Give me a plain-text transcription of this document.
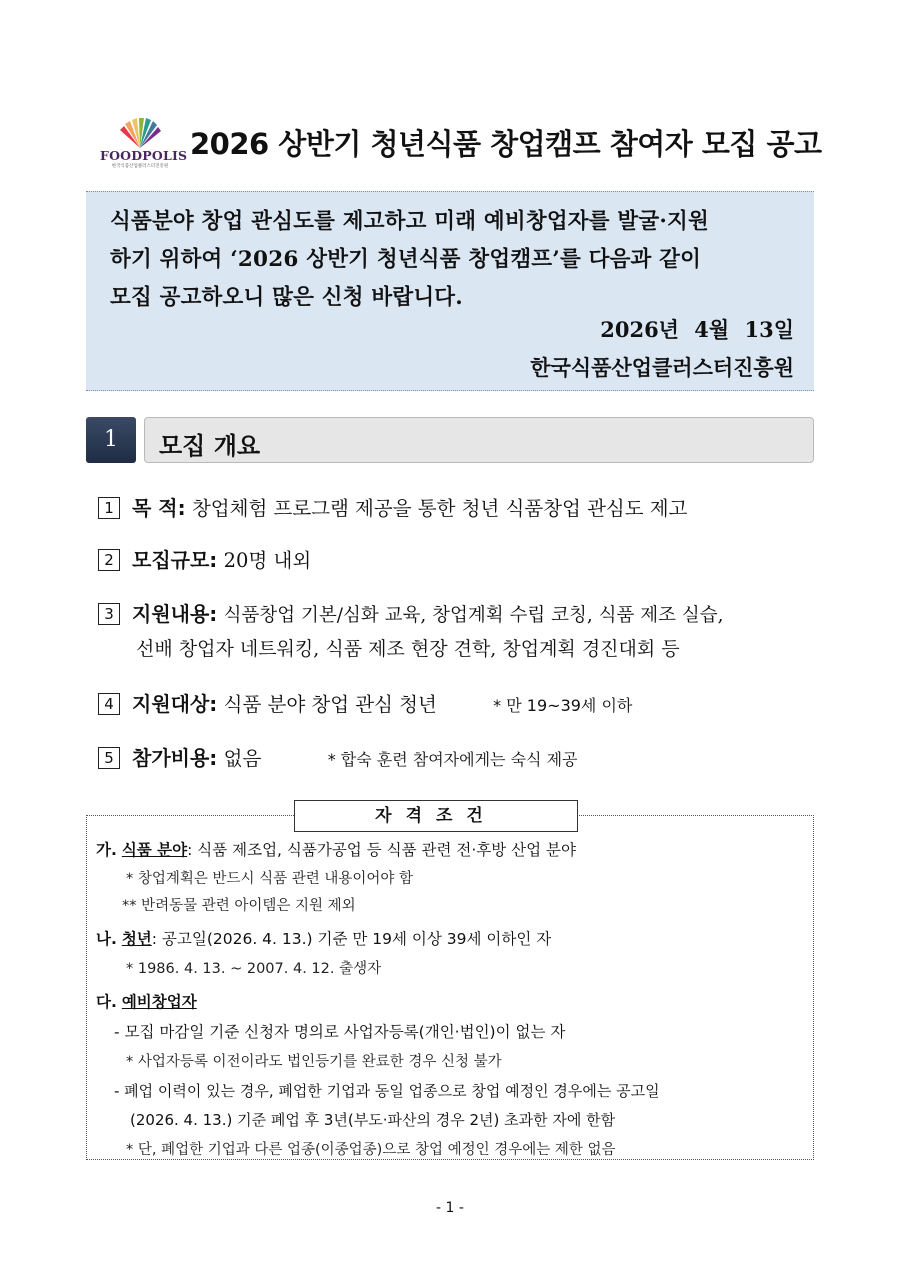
FOODPOLIS
한국식품산업클러스터진흥원
2026 상반기 청년식품 창업캠프 참여자 모집 공고
식품분야 창업 관심도를 제고하고 미래 예비창업자를 발굴·지원
하기 위하여 ‘2026 상반기 청년식품 창업캠프’를 다음과 같이
모집 공고하오니 많은 신청 바랍니다.
2026년 4월 13일
한국식품산업클러스터진흥원
1	모집 개요
1 목 적: 창업체험 프로그램 제공을 통한 청년 식품창업 관심도 제고
2 모집규모: 20명 내외
3 지원내용: 식품창업 기본/심화 교육, 창업계획 수립 코칭, 식품 제조 실습,
선배 창업자 네트워킹, 식품 제조 현장 견학, 창업계획 경진대회 등
4 지원대상: 식품 분야 창업 관심 청년	* 만 19~39세 이하
5 참가비용: 없음	* 합숙 훈련 참여자에게는 숙식 제공
자격조건
가. 식품 분야: 식품 제조업, 식품가공업 등 식품 관련 전·후방 산업 분야
* 창업계획은 반드시 식품 관련 내용이어야 함
** 반려동물 관련 아이템은 지원 제외
나. 청년: 공고일(2026. 4. 13.) 기준 만 19세 이상 39세 이하인 자
* 1986. 4. 13. ~ 2007. 4. 12. 출생자
다. 예비창업자
- 모집 마감일 기준 신청자 명의로 사업자등록(개인·법인)이 없는 자
* 사업자등록 이전이라도 법인등기를 완료한 경우 신청 불가
- 폐업 이력이 있는 경우, 폐업한 기업과 동일 업종으로 창업 예정인 경우에는 공고일
(2026. 4. 13.) 기준 폐업 후 3년(부도·파산의 경우 2년) 초과한 자에 한함
* 단, 폐업한 기업과 다른 업종(이종업종)으로 창업 예정인 경우에는 제한 없음
- 1 -
